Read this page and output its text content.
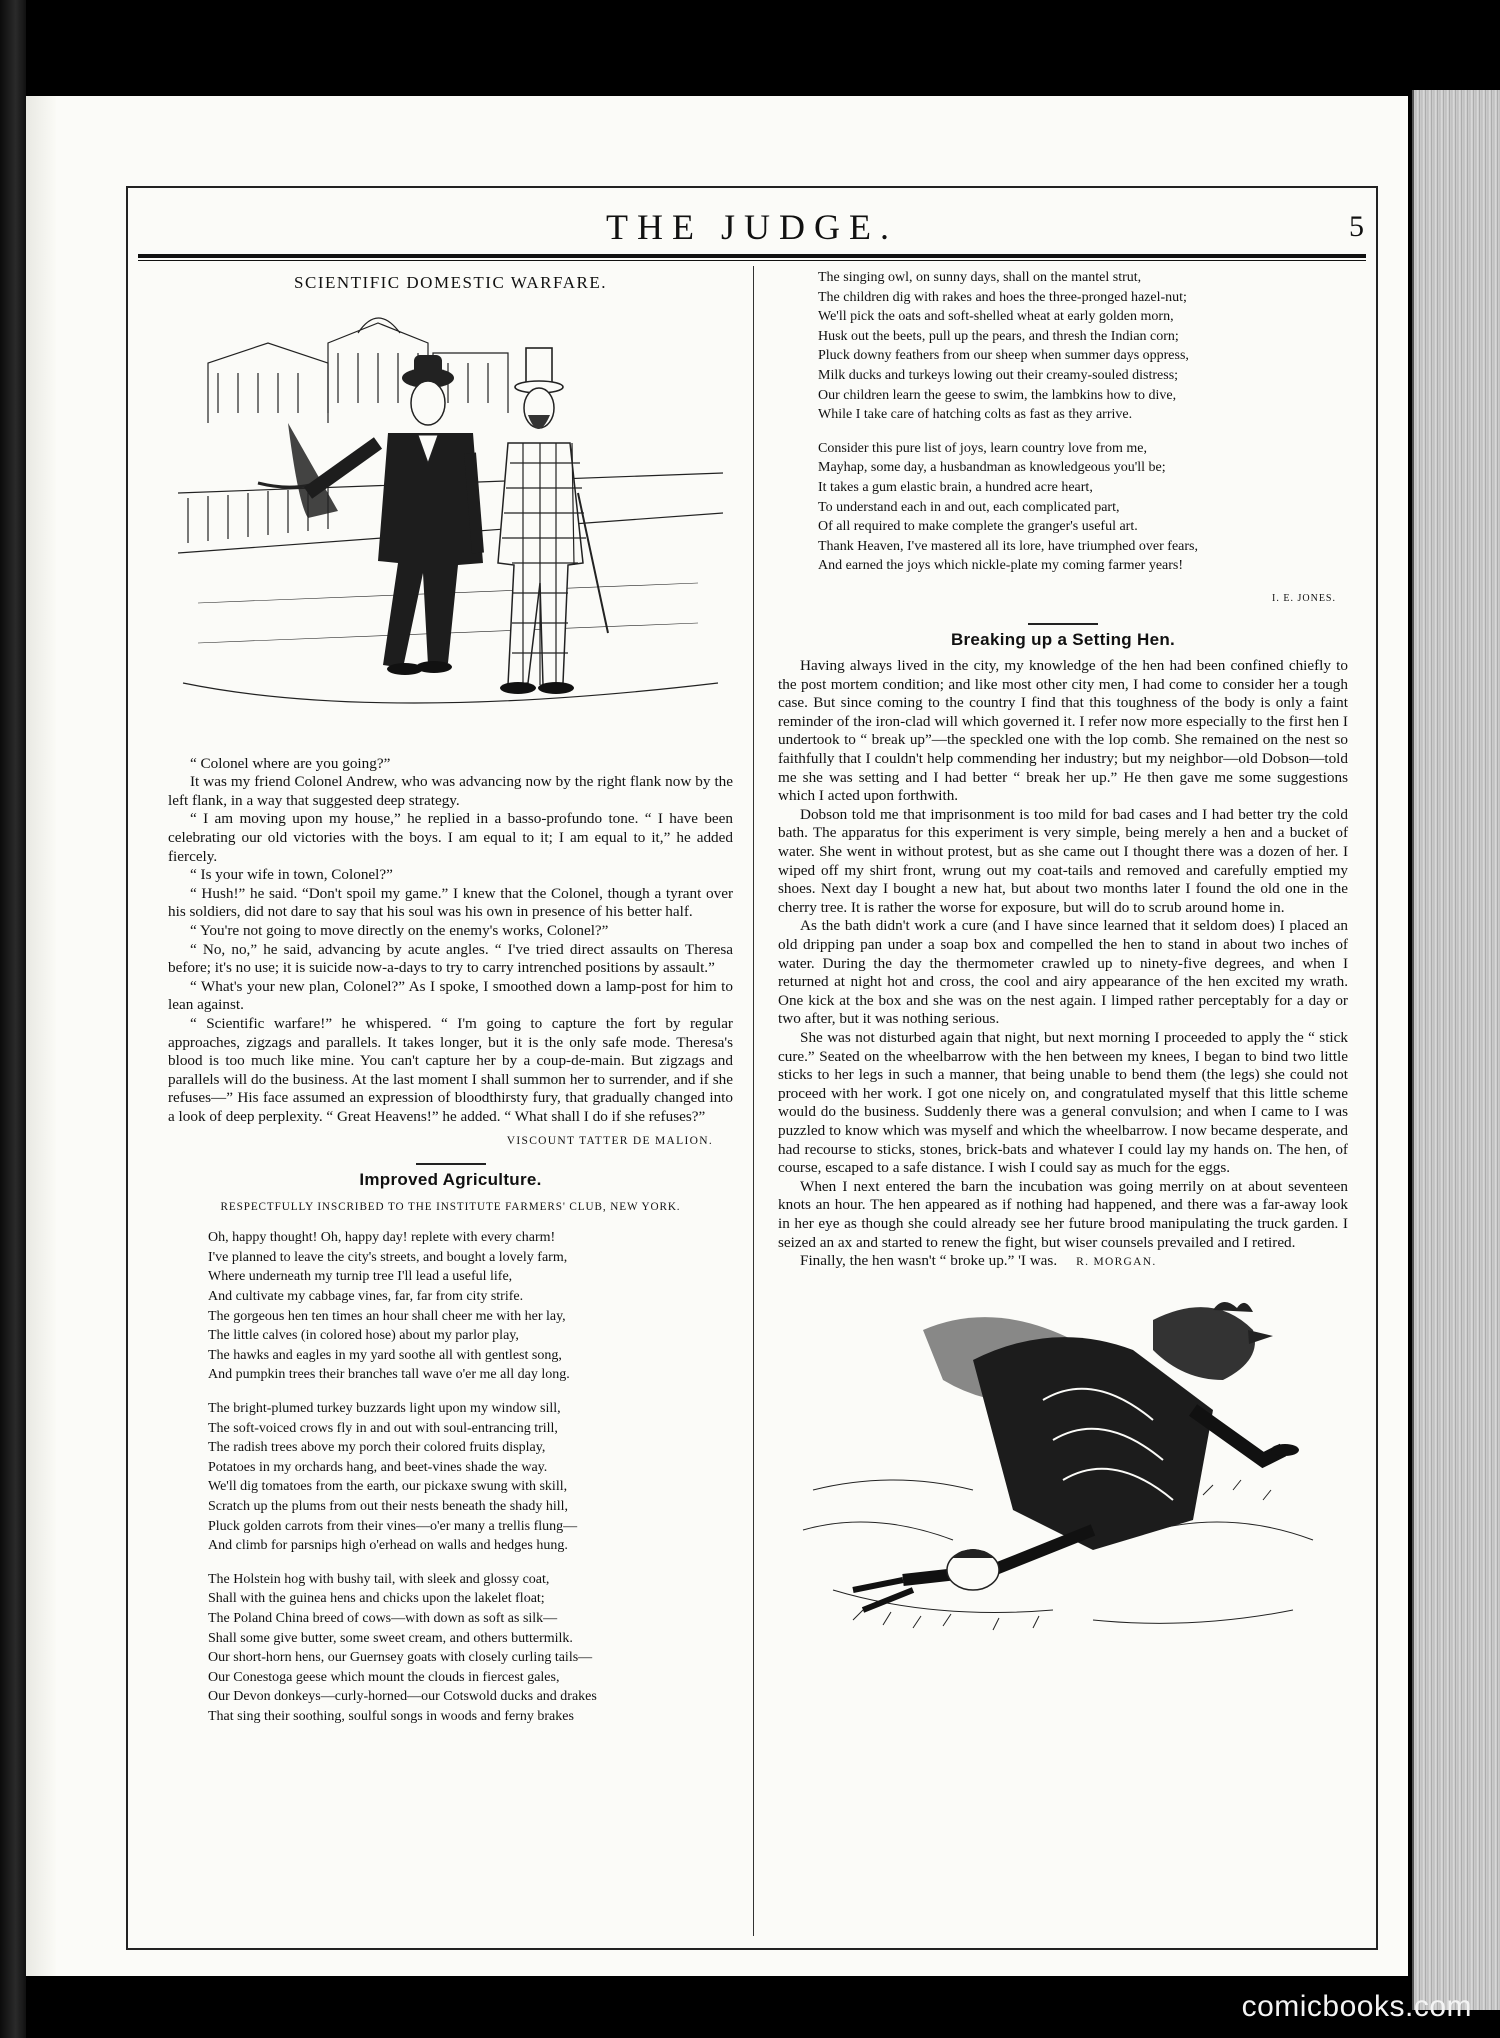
THE JUDGE.	5
SCIENTIFIC DOMESTIC WARFARE.

“ Colonel where are you going?”

It was my friend Colonel Andrew, who was advancing now by the right flank now by the left flank, in a way that suggested deep strategy.

“ I am moving upon my house,” he replied in a basso-profundo tone. “ I have been celebrating our old victories with the boys. I am equal to it; I am equal to it,” he added fiercely.

“ Is your wife in town, Colonel?”

“ Hush!” he said. “Don't spoil my game.” I knew that the Colonel, though a tyrant over his soldiers, did not dare to say that his soul was his own in presence of his better half.

“ You're not going to move directly on the enemy's works, Colonel?”

“ No, no,” he said, advancing by acute angles. “ I've tried direct assaults on Theresa before; it's no use; it is suicide now-a-days to try to carry intrenched positions by assault.”

“ What's your new plan, Colonel?” As I spoke, I smoothed down a lamp-post for him to lean against.

“ Scientific warfare!” he whispered. “ I'm going to capture the fort by regular approaches, zigzags and parallels. It takes longer, but it is the only safe mode. Theresa's blood is too much like mine. You can't capture her by a coup-de-main. But zigzags and parallels will do the business. At the last moment I shall summon her to surrender, and if she refuses—” His face assumed an expression of bloodthirsty fury, that gradually changed into a look of deep perplexity. “ Great Heavens!” he added. “ What shall I do if she refuses?”

VISCOUNT TATTER DE MALION.
Improved Agriculture.
RESPECTFULLY INSCRIBED TO THE INSTITUTE FARMERS' CLUB, NEW YORK.
Oh, happy thought! Oh, happy day! replete with every charm!
I've planned to leave the city's streets, and bought a lovely farm,
Where underneath my turnip tree I'll lead a useful life,
And cultivate my cabbage vines, far, far from city strife.
The gorgeous hen ten times an hour shall cheer me with her lay,
The little calves (in colored hose) about my parlor play,
The hawks and eagles in my yard soothe all with gentlest song,
And pumpkin trees their branches tall wave o'er me all day long.
The bright-plumed turkey buzzards light upon my window sill,
The soft-voiced crows fly in and out with soul-entrancing trill,
The radish trees above my porch their colored fruits display,
Potatoes in my orchards hang, and beet-vines shade the way.
We'll dig tomatoes from the earth, our pickaxe swung with skill,
Scratch up the plums from out their nests beneath the shady hill,
Pluck golden carrots from their vines—o'er many a trellis flung—
And climb for parsnips high o'erhead on walls and hedges hung.
The Holstein hog with bushy tail, with sleek and glossy coat,
Shall with the guinea hens and chicks upon the lakelet float;
The Poland China breed of cows—with down as soft as silk—
Shall some give butter, some sweet cream, and others buttermilk.
Our short-horn hens, our Guernsey goats with closely curling tails—
Our Conestoga geese which mount the clouds in fiercest gales,
Our Devon donkeys—curly-horned—our Cotswold ducks and drakes
That sing their soothing, soulful songs in woods and ferny brakes
The singing owl, on sunny days, shall on the mantel strut,
The children dig with rakes and hoes the three-pronged hazel-nut;
We'll pick the oats and soft-shelled wheat at early golden morn,
Husk out the beets, pull up the pears, and thresh the Indian corn;
Pluck downy feathers from our sheep when summer days oppress,
Milk ducks and turkeys lowing out their creamy-souled distress;
Our children learn the geese to swim, the lambkins how to dive,
While I take care of hatching colts as fast as they arrive.
Consider this pure list of joys, learn country love from me,
Mayhap, some day, a husbandman as knowledgeous you'll be;
It takes a gum elastic brain, a hundred acre heart,
To understand each in and out, each complicated part,
Of all required to make complete the granger's useful art.
Thank Heaven, I've mastered all its lore, have triumphed over fears,
And earned the joys which nickle-plate my coming farmer years!
I. E. JONES.
Breaking up a Setting Hen.

Having always lived in the city, my knowledge of the hen had been confined chiefly to the post mortem condition; and like most other city men, I had come to consider her a tough case. But since coming to the country I find that this toughness of the body is only a faint reminder of the iron-clad will which governed it. I refer now more especially to the first hen I undertook to “ break up”—the speckled one with the lop comb. She remained on the nest so faithfully that I couldn't help commending her industry; but my neighbor—old Dobson—told me she was setting and I had better “ break her up.” He then gave me some suggestions which I acted upon forthwith.

Dobson told me that imprisonment is too mild for bad cases and I had better try the cold bath. The apparatus for this experiment is very simple, being merely a hen and a bucket of water. She went in without protest, but as she came out I thought there was a dozen of her. I wiped off my shirt front, wrung out my coat-tails and removed and carefully emptied my shoes. Next day I bought a new hat, but about two months later I found the old one in the cherry tree. It is rather the worse for exposure, but will do to scrub around home in.

As the bath didn't work a cure (and I have since learned that it seldom does) I placed an old dripping pan under a soap box and compelled the hen to stand in about two inches of water. During the day the thermometer crawled up to ninety-five degrees, and when I returned at night hot and cross, the cool and airy appearance of the hen excited my wrath. One kick at the box and she was on the nest again. I limped rather perceptably for a day or two after, but it was nothing serious.

She was not disturbed again that night, but next morning I proceeded to apply the “ stick cure.” Seated on the wheelbarrow with the hen between my knees, I began to bind two little sticks to her legs in such a manner, that being unable to bend them (the legs) she could not proceed with her work. I got one nicely on, and congratulated myself that this little scheme would do the business. Suddenly there was a general convulsion; and when I came to I was puzzled to know which was myself and which the wheelbarrow. I now became desperate, and had recourse to sticks, stones, brick-bats and whatever I could lay my hands on. The hen, of course, escaped to a safe distance. I wish I could say as much for the eggs.

When I next entered the barn the incubation was going merrily on at about seventeen knots an hour. The hen appeared as if nothing had happened, and there was a far-away look in her eye as though she could already see her future brood manipulating the truck garden. I seized an ax and started to renew the fight, but wiser counsels prevailed and I retired.

Finally, the hen wasn't “ broke up.” 'I was. R. MORGAN.

comicbooks.com
